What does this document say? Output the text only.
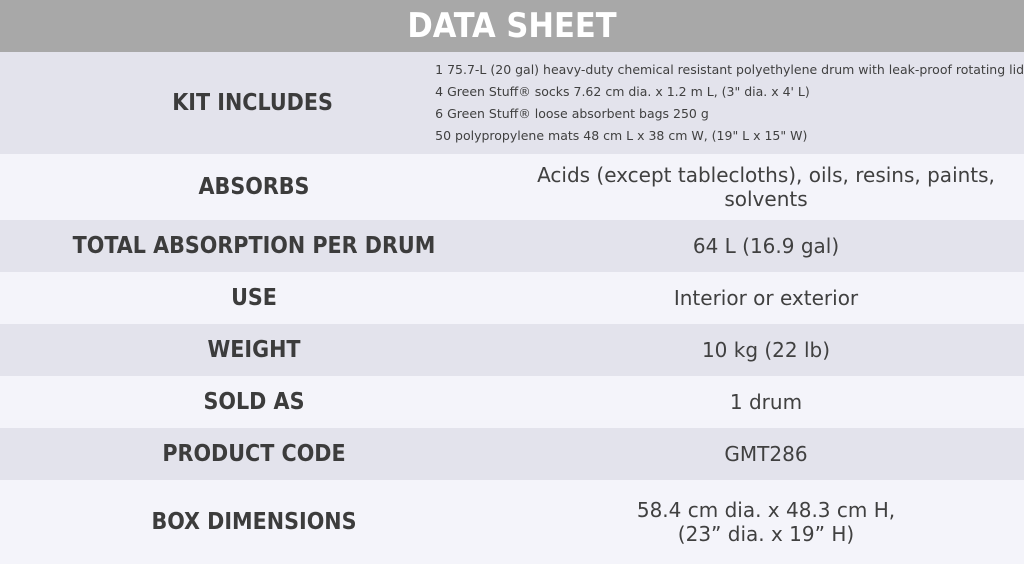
DATA SHEET
KIT INCLUDES
1 75.7-L (20 gal) heavy-duty chemical resistant polyethylene drum with leak-proof rotating lid
4 Green Stuff® socks 7.62 cm dia. x 1.2 m L, (3" dia. x 4' L)
6 Green Stuff® loose absorbent bags 250 g
50 polypropylene mats 48 cm L x 38 cm W, (19" L x 15" W)
ABSORBS	Acids (except tablecloths), oils, resins, paints,
solvents
TOTAL ABSORPTION PER DRUM	64 L (16.9 gal)
USE	Interior or exterior
WEIGHT	10 kg (22 lb)
SOLD AS	1 drum
PRODUCT CODE	GMT286
BOX DIMENSIONS	58.4 cm dia. x 48.3 cm H,
(23” dia. x 19” H)
